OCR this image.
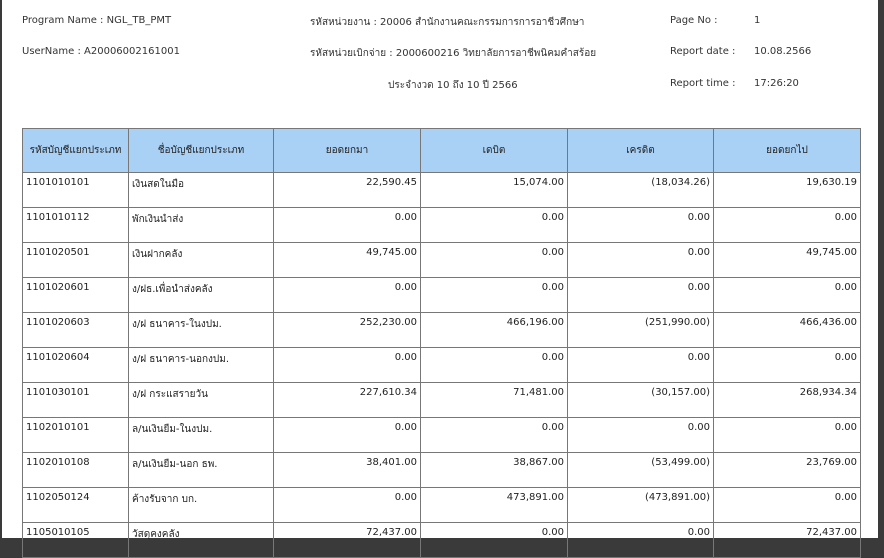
Program Name : NGL_TB_PMT
UserName : A20006002161001
รหัสหน่วยงาน : 20006 สำนักงานคณะกรรมการการอาชีวศึกษา
รหัสหน่วยเบิกจ่าย : 2000600216 วิทยาลัยการอาชีพนิคมคำสร้อย
ประจำงวด 10 ถึง 10 ปี 2566
Page No :	1
Report date : 10.08.2566
Report time : 17:26:20
รหัสบัญชีแยกประเภท	ชื่อบัญชีแยกประเภท	ยอดยกมา	เดบิต	เครดิต	ยอดยกไป
1101010101	เงินสดในมือ	22,590.45	15,074.00	(18,034.26)	19,630.19
1101010112	พักเงินนำส่ง	0.00	0.00	0.00	0.00
1101020501	เงินฝากคลัง	49,745.00	0.00	0.00	49,745.00
1101020601	ง/ฝธ.เพื่อนำส่งคลัง	0.00	0.00	0.00	0.00
1101020603	ง/ฝ ธนาคาร-ในงปม.	252,230.00	466,196.00	(251,990.00)	466,436.00
1101020604	ง/ฝ ธนาคาร-นอกงปม.	0.00	0.00	0.00	0.00
1101030101	ง/ฝ กระแสรายวัน	227,610.34	71,481.00	(30,157.00)	268,934.34
1102010101	ล/นเงินยืม-ในงปม.	0.00	0.00	0.00	0.00
1102010108	ล/นเงินยืม-นอก ธพ.	38,401.00	38,867.00	(53,499.00)	23,769.00
1102050124	ค้างรับจาก บก.	0.00	473,891.00	(473,891.00)	0.00
1105010105	วัสดุคงคลัง	72,437.00	0.00	0.00	72,437.00
